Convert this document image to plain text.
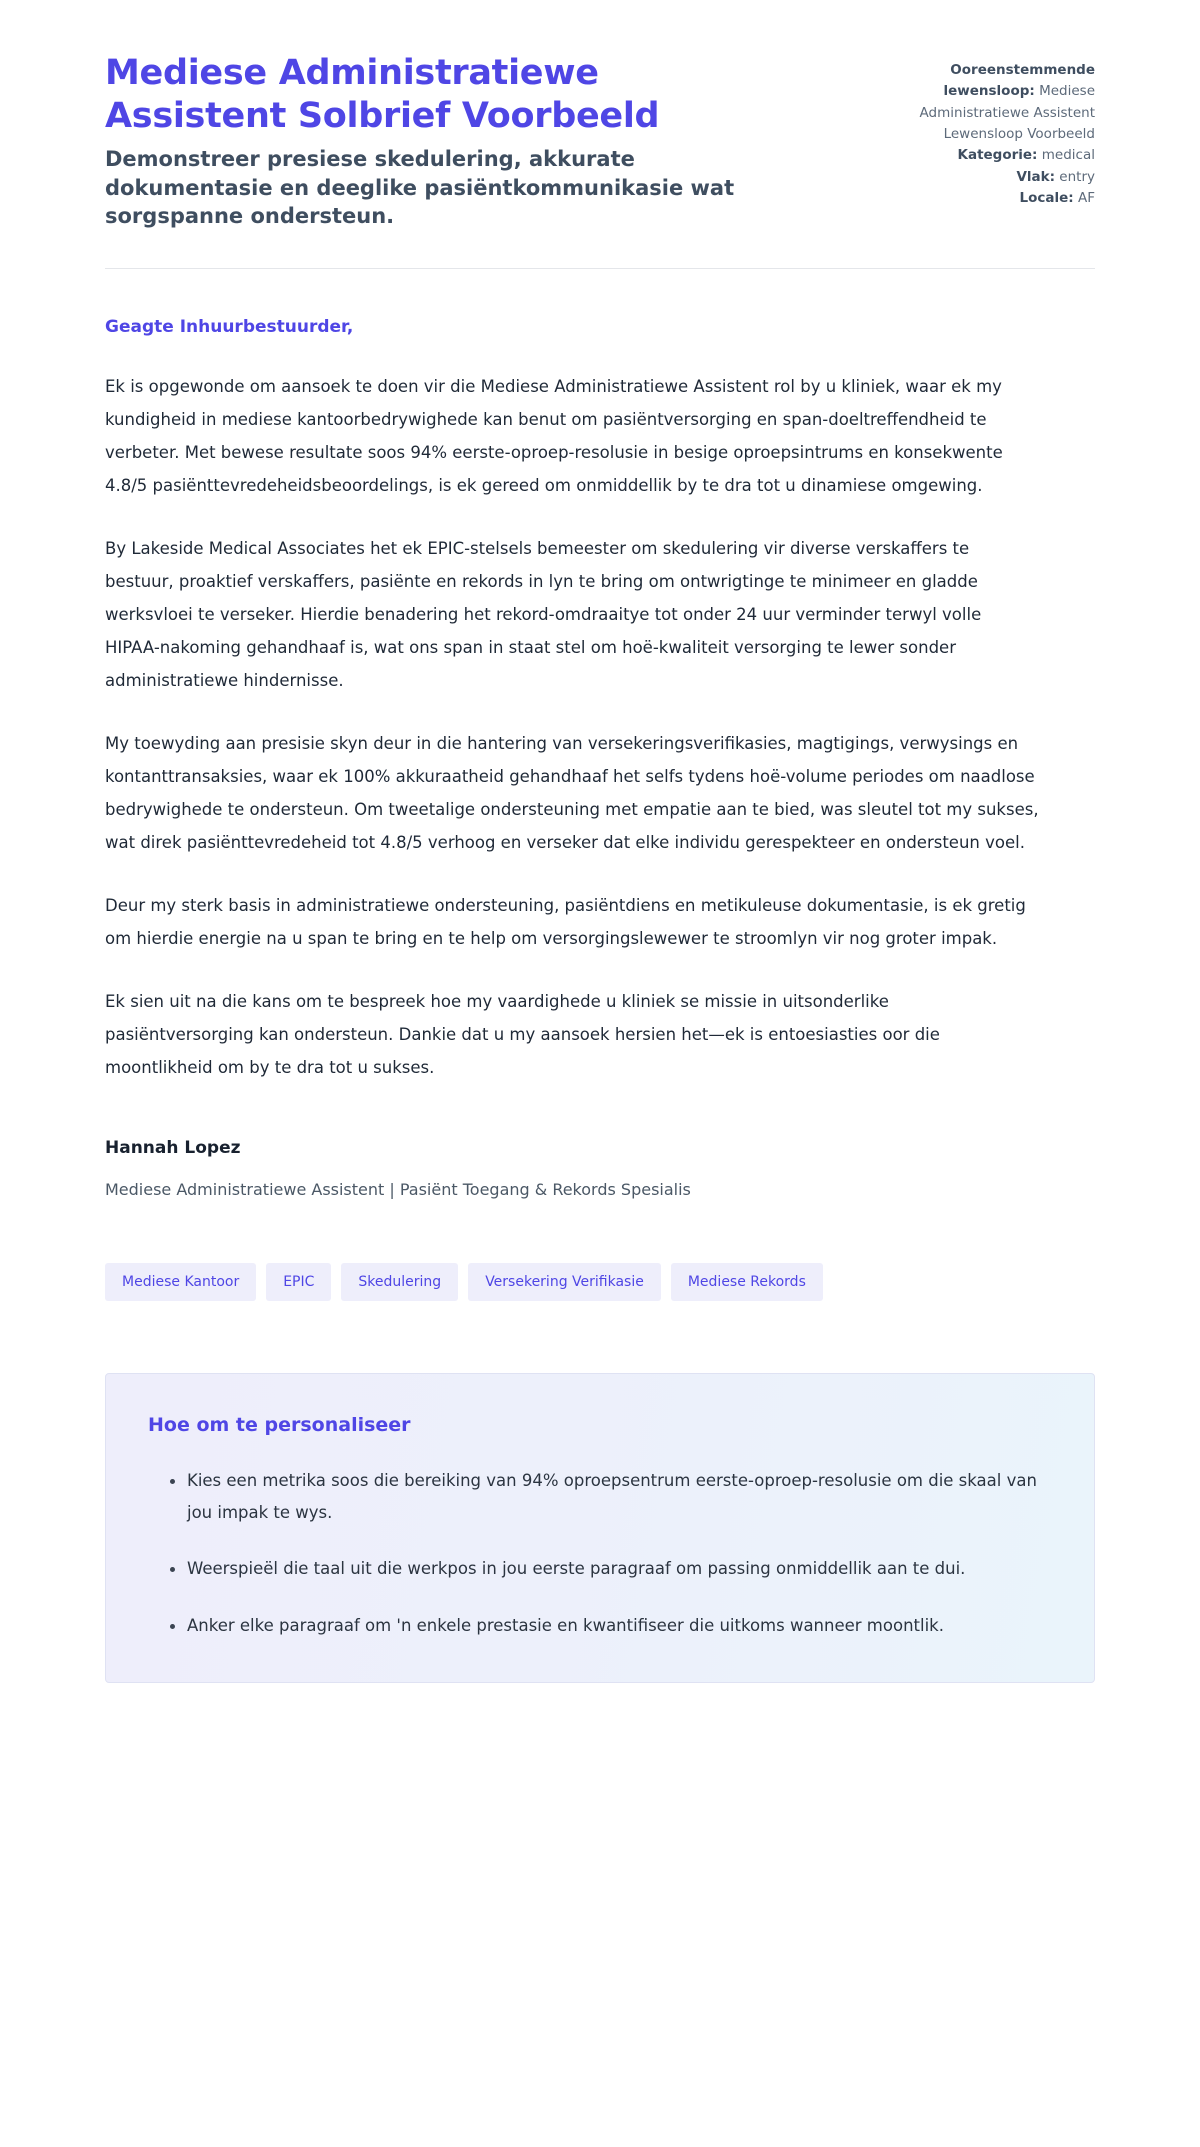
Mediese Administratiewe Assistent Solbrief Voorbeeld

Demonstreer presiese skedulering, akkurate dokumentasie en deeglike pasiëntkommunikasie wat sorgspanne ondersteun.

Ooreenstemmende lewensloop: Mediese Administratiewe Assistent Lewensloop Voorbeeld
Kategorie: medical
Vlak: entry
Locale: AF

Geagte Inhuurbestuurder,

Ek is opgewonde om aansoek te doen vir die Mediese Administratiewe Assistent rol by u kliniek, waar ek my kundigheid in mediese kantoorbedrywighede kan benut om pasiëntversorging en span-doeltreffendheid te verbeter. Met bewese resultate soos 94% eerste-oproep-resolusie in besige oproepsintrums en konsekwente 4.8/5 pasiënttevredeheidsbeoordelings, is ek gereed om onmiddellik by te dra tot u dinamiese omgewing.

By Lakeside Medical Associates het ek EPIC-stelsels bemeester om skedulering vir diverse verskaffers te bestuur, proaktief verskaffers, pasiënte en rekords in lyn te bring om ontwrigtinge te minimeer en gladde werksvloei te verseker. Hierdie benadering het rekord-omdraaitye tot onder 24 uur verminder terwyl volle HIPAA-nakoming gehandhaaf is, wat ons span in staat stel om hoë-kwaliteit versorging te lewer sonder administratiewe hindernisse.

My toewyding aan presisie skyn deur in die hantering van versekeringsverifikasies, magtigings, verwysings en kontanttransaksies, waar ek 100% akkuraatheid gehandhaaf het selfs tydens hoë-volume periodes om naadlose bedrywighede te ondersteun. Om tweetalige ondersteuning met empatie aan te bied, was sleutel tot my sukses, wat direk pasiënttevredeheid tot 4.8/5 verhoog en verseker dat elke individu gerespekteer en ondersteun voel.

Deur my sterk basis in administratiewe ondersteuning, pasiëntdiens en metikuleuse dokumentasie, is ek gretig om hierdie energie na u span te bring en te help om versorgingslewewer te stroomlyn vir nog groter impak.

Ek sien uit na die kans om te bespreek hoe my vaardighede u kliniek se missie in uitsonderlike pasiëntversorging kan ondersteun. Dankie dat u my aansoek hersien het—ek is entoesiasties oor die moontlikheid om by te dra tot u sukses.

Hannah Lopez

Mediese Administratiewe Assistent | Pasiënt Toegang & Rekords Spesialis

Mediese Kantoor	EPIC	Skedulering	Versekering Verifikasie	Mediese Rekords
Hoe om te personaliseer
Kies een metrika soos die bereiking van 94% oproepsentrum eerste-oproep-resolusie om die skaal van jou impak te wys.
Weerspieël die taal uit die werkpos in jou eerste paragraaf om passing onmiddellik aan te dui.
Anker elke paragraaf om 'n enkele prestasie en kwantifiseer die uitkoms wanneer moontlik.
